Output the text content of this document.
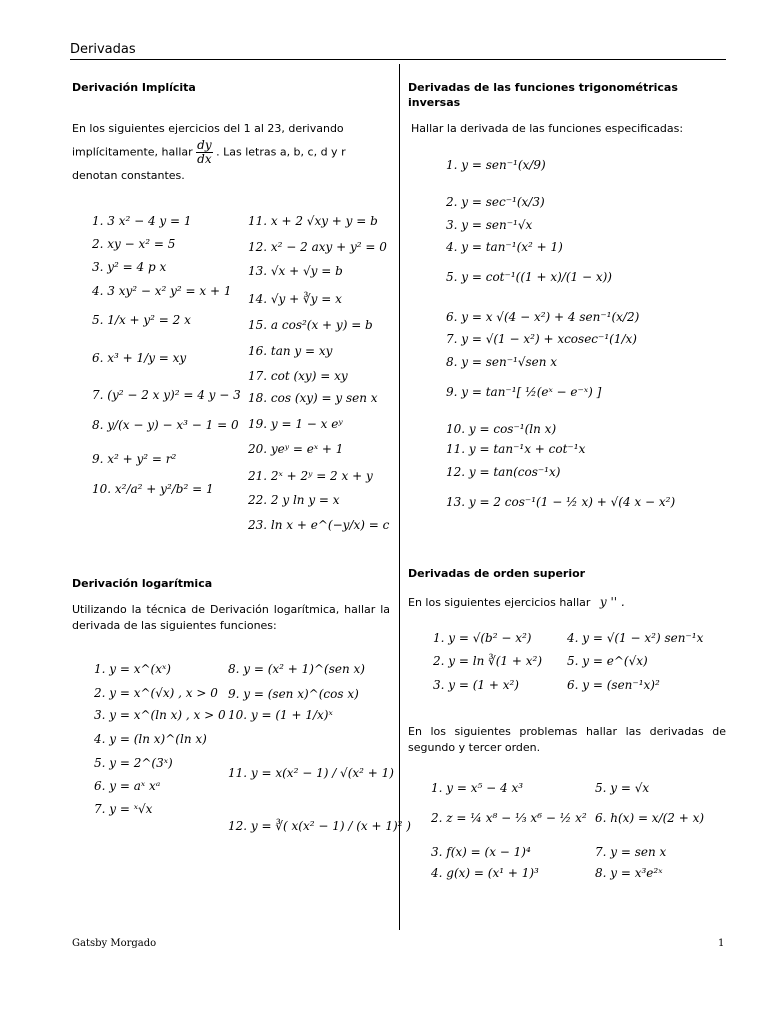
Derivadas
Derivación Implícita
En los siguientes ejercicios del 1 al 23, derivando
implícitamente, hallar $\frac{dy}{dx}$ . Las letras a, b, c, d y r
denotan constantes.
1. 3 x² − 4 y = 1
2. xy − x² = 5
3. y² = 4 p x
4. 3 xy² − x² y² = x + 1
5. 1/x + y² = 2 x
6. x³ + 1/y = xy
7. (y² − 2 x y)² = 4 y − 3
8. y/(x − y) − x³ − 1 = 0
9. x² + y² = r²
10. x²/a² + y²/b² = 1
11. x + 2 √xy + y = b
12. x² − 2 axy + y² = 0
13. √x + √y = b
14. √y + ∛y = x
15. a cos²(x + y) = b
16. tan y = xy
17. cot (xy) = xy
18. cos (xy) = y sen x
19. y = 1 − x eʸ
20. yeʸ = eˣ + 1
21. 2ˣ + 2ʸ = 2 x + y
22. 2 y ln y = x
23. ln x + e^(−y/x) = c
Derivación logarítmica
Utilizando la técnica de Derivación logarítmica, hallar la derivada de las siguientes funciones:
1. y = x^(xˣ)
2. y = x^(√x) , x > 0
3. y = x^(ln x) , x > 0
4. y = (ln x)^(ln x)
5. y = 2^(3ˣ)
6. y = aˣ xᵃ
7. y = ˣ√x
8. y = (x² + 1)^(sen x)
9. y = (sen x)^(cos x)
10. y = (1 + 1/x)ˣ
11. y = x(x² − 1) / √(x² + 1)
12. y = ∛( x(x² − 1) / (x + 1)² )
Derivadas de las funciones trigonométricas inversas
Hallar la derivada de las funciones especificadas:
1. y = sen⁻¹(x/9)
2. y = sec⁻¹(x/3)
3. y = sen⁻¹√x
4. y = tan⁻¹(x² + 1)
5. y = cot⁻¹((1 + x)/(1 − x))
6. y = x √(4 − x²) + 4 sen⁻¹(x/2)
7. y = √(1 − x²) + xcosec⁻¹(1/x)
8. y = sen⁻¹√sen x
9. y = tan⁻¹[ ½(eˣ − e⁻ˣ) ]
10. y = cos⁻¹(ln x)
11. y = tan⁻¹x + cot⁻¹x
12. y = tan(cos⁻¹x)
13. y = 2 cos⁻¹(1 − ½ x) + √(4 x − x²)
Derivadas de orden superior
En los siguientes ejercicios hallar y '' .
1. y = √(b² − x²)
2. y = ln ∛(1 + x²)
3. y = (1 + x²)
4. y = √(1 − x²) sen⁻¹x
5. y = e^(√x)
6. y = (sen⁻¹x)²
En los siguientes problemas hallar las derivadas de segundo y tercer orden.
1. y = x⁵ − 4 x³
2. z = ¼ x⁸ − ⅓ x⁶ − ½ x²
3. f(x) = (x − 1)⁴
4. g(x) = (x¹ + 1)³
5. y = √x
6. h(x) = x/(2 + x)
7. y = sen x
8. y = x³e²ˣ
Gatsby Morgado	1
